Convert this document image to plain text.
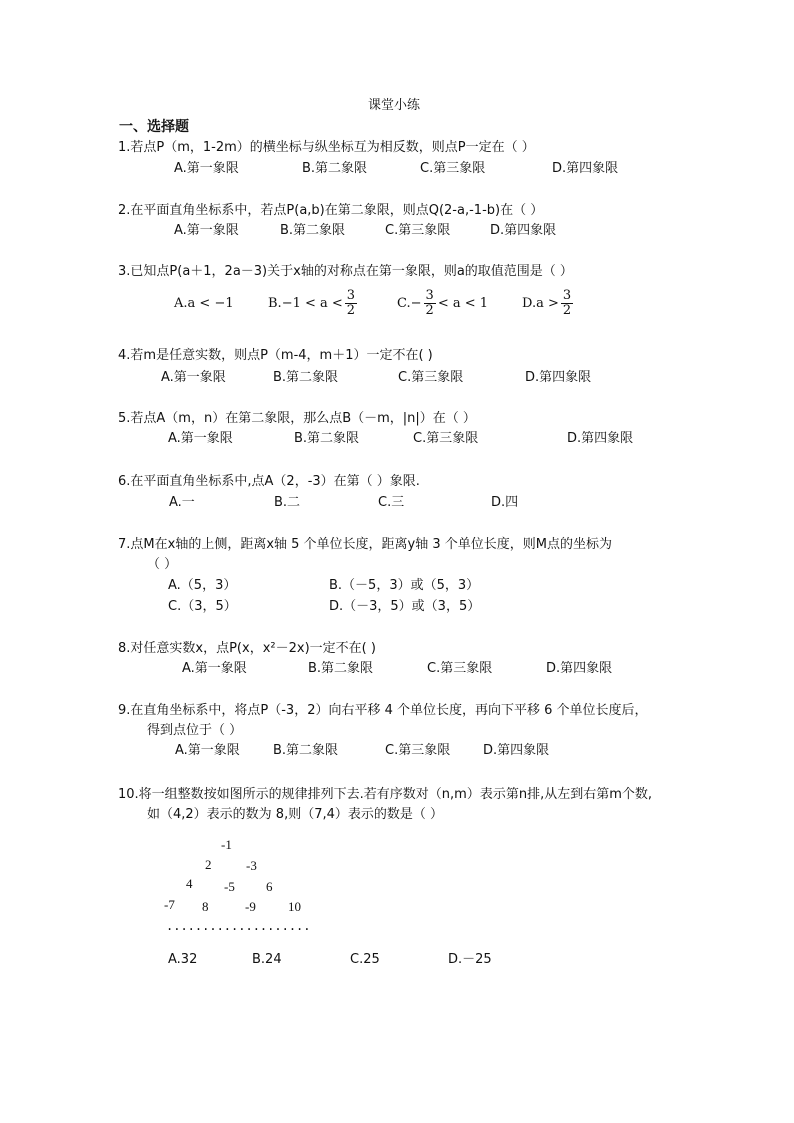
课堂小练
一、选择题
1.若点P（m，1-2m）的横坐标与纵坐标互为相反数，则点P一定在（ ）
A.第一象限	B.第二象限	C.第三象限	D.第四象限
2.在平面直角坐标系中，若点P(a,b)在第二象限，则点Q(2-a,-1-b)在（ ）
A.第一象限	B.第二象限	C.第三象限	D.第四象限
3.已知点P(a＋1，2a－3)关于x轴的对称点在第一象限，则a的取值范围是（ ）
A.a < −1	$B.-1 < a < \frac{3}{2}$	$C.- \frac{3}{2} < a < 1$	$D.a > \frac{3}{2}$
4.若m是任意实数，则点P（m-4，m＋1）一定不在( )
A.第一象限	B.第二象限	C.第三象限	D.第四象限
5.若点A（m，n）在第二象限，那么点B（－m，|n|）在（ ）
A.第一象限	B.第二象限	C.第三象限	D.第四象限
6.在平面直角坐标系中,点A（2，-3）在第（ ）象限.
A.一	B.二	C.三	D.四
7.点M在x轴的上侧，距离x轴 5 个单位长度，距离y轴 3 个单位长度，则M点的坐标为
（ ）
A.（5，3）	B.（－5，3）或（5，3）
C.（3，5）	D.（－3，5）或（3，5）
8.对任意实数x，点P(x，x²－2x)一定不在( )
A.第一象限	B.第二象限	C.第三象限	D.第四象限
9.在直角坐标系中，将点P（-3，2）向右平移 4 个单位长度，再向下平移 6 个单位长度后，
得到点位于（ ）
A.第一象限	B.第二象限	C.第三象限	D.第四象限
10.将一组整数按如图所示的规律排列下去.若有序数对（n,m）表示第n排,从左到右第m个数,
如（4,2）表示的数为 8,则（7,4）表示的数是（ ）
-1
2	-3
4 -5 6
-7 8	-9 10
....................
A.32	B.24	C.25	D.－25
